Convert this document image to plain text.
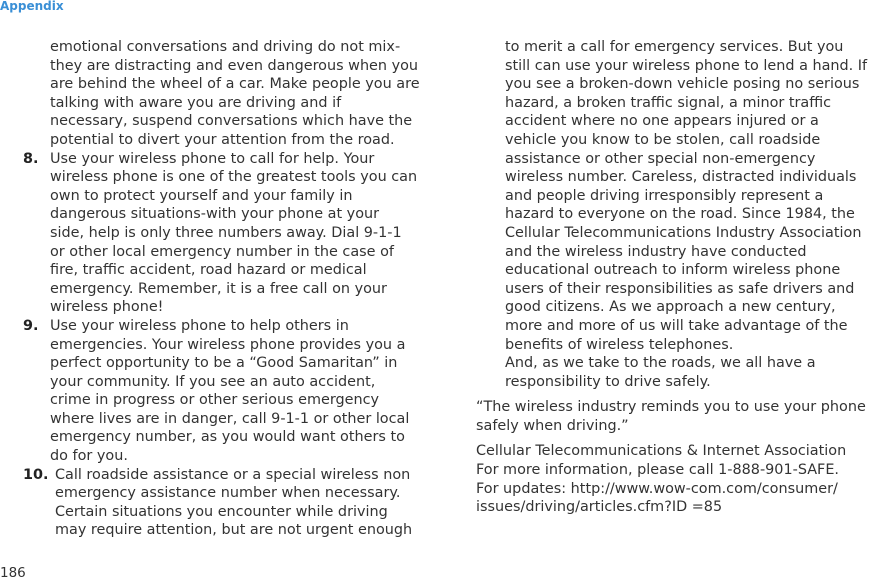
Appendix

emotional conversations and driving do not mix-
they are distracting and even dangerous when you
are behind the wheel of a car. Make people you are
talking with aware you are driving and if
necessary, suspend conversations which have the
potential to divert your attention from the road.

8. Use your wireless phone to call for help. Your
wireless phone is one of the greatest tools you can
own to protect yourself and your family in
dangerous situations-with your phone at your
side, help is only three numbers away. Dial 9-1-1
or other local emergency number in the case of
fire, traffic accident, road hazard or medical
emergency. Remember, it is a free call on your
wireless phone!
9. Use your wireless phone to help others in
emergencies. Your wireless phone provides you a
perfect opportunity to be a “Good Samaritan” in
your community. If you see an auto accident,
crime in progress or other serious emergency
where lives are in danger, call 9-1-1 or other local
emergency number, as you would want others to
do for you.
10. Call roadside assistance or a special wireless non
emergency assistance number when necessary.
Certain situations you encounter while driving
may require attention, but are not urgent enough

to merit a call for emergency services. But you
still can use your wireless phone to lend a hand. If
you see a broken-down vehicle posing no serious
hazard, a broken traffic signal, a minor traffic
accident where no one appears injured or a
vehicle you know to be stolen, call roadside
assistance or other special non-emergency
wireless number. Careless, distracted individuals
and people driving irresponsibly represent a
hazard to everyone on the road. Since 1984, the
Cellular Telecommunications Industry Association
and the wireless industry have conducted
educational outreach to inform wireless phone
users of their responsibilities as safe drivers and
good citizens. As we approach a new century,
more and more of us will take advantage of the
benefits of wireless telephones.
And, as we take to the roads, we all have a
responsibility to drive safely.

“The wireless industry reminds you to use your phone
safely when driving.”

Cellular Telecommunications & Internet Association
For more information, please call 1-888-901-SAFE.
For updates: http://www.wow-com.com/consumer/
issues/driving/articles.cfm?ID =85

186
